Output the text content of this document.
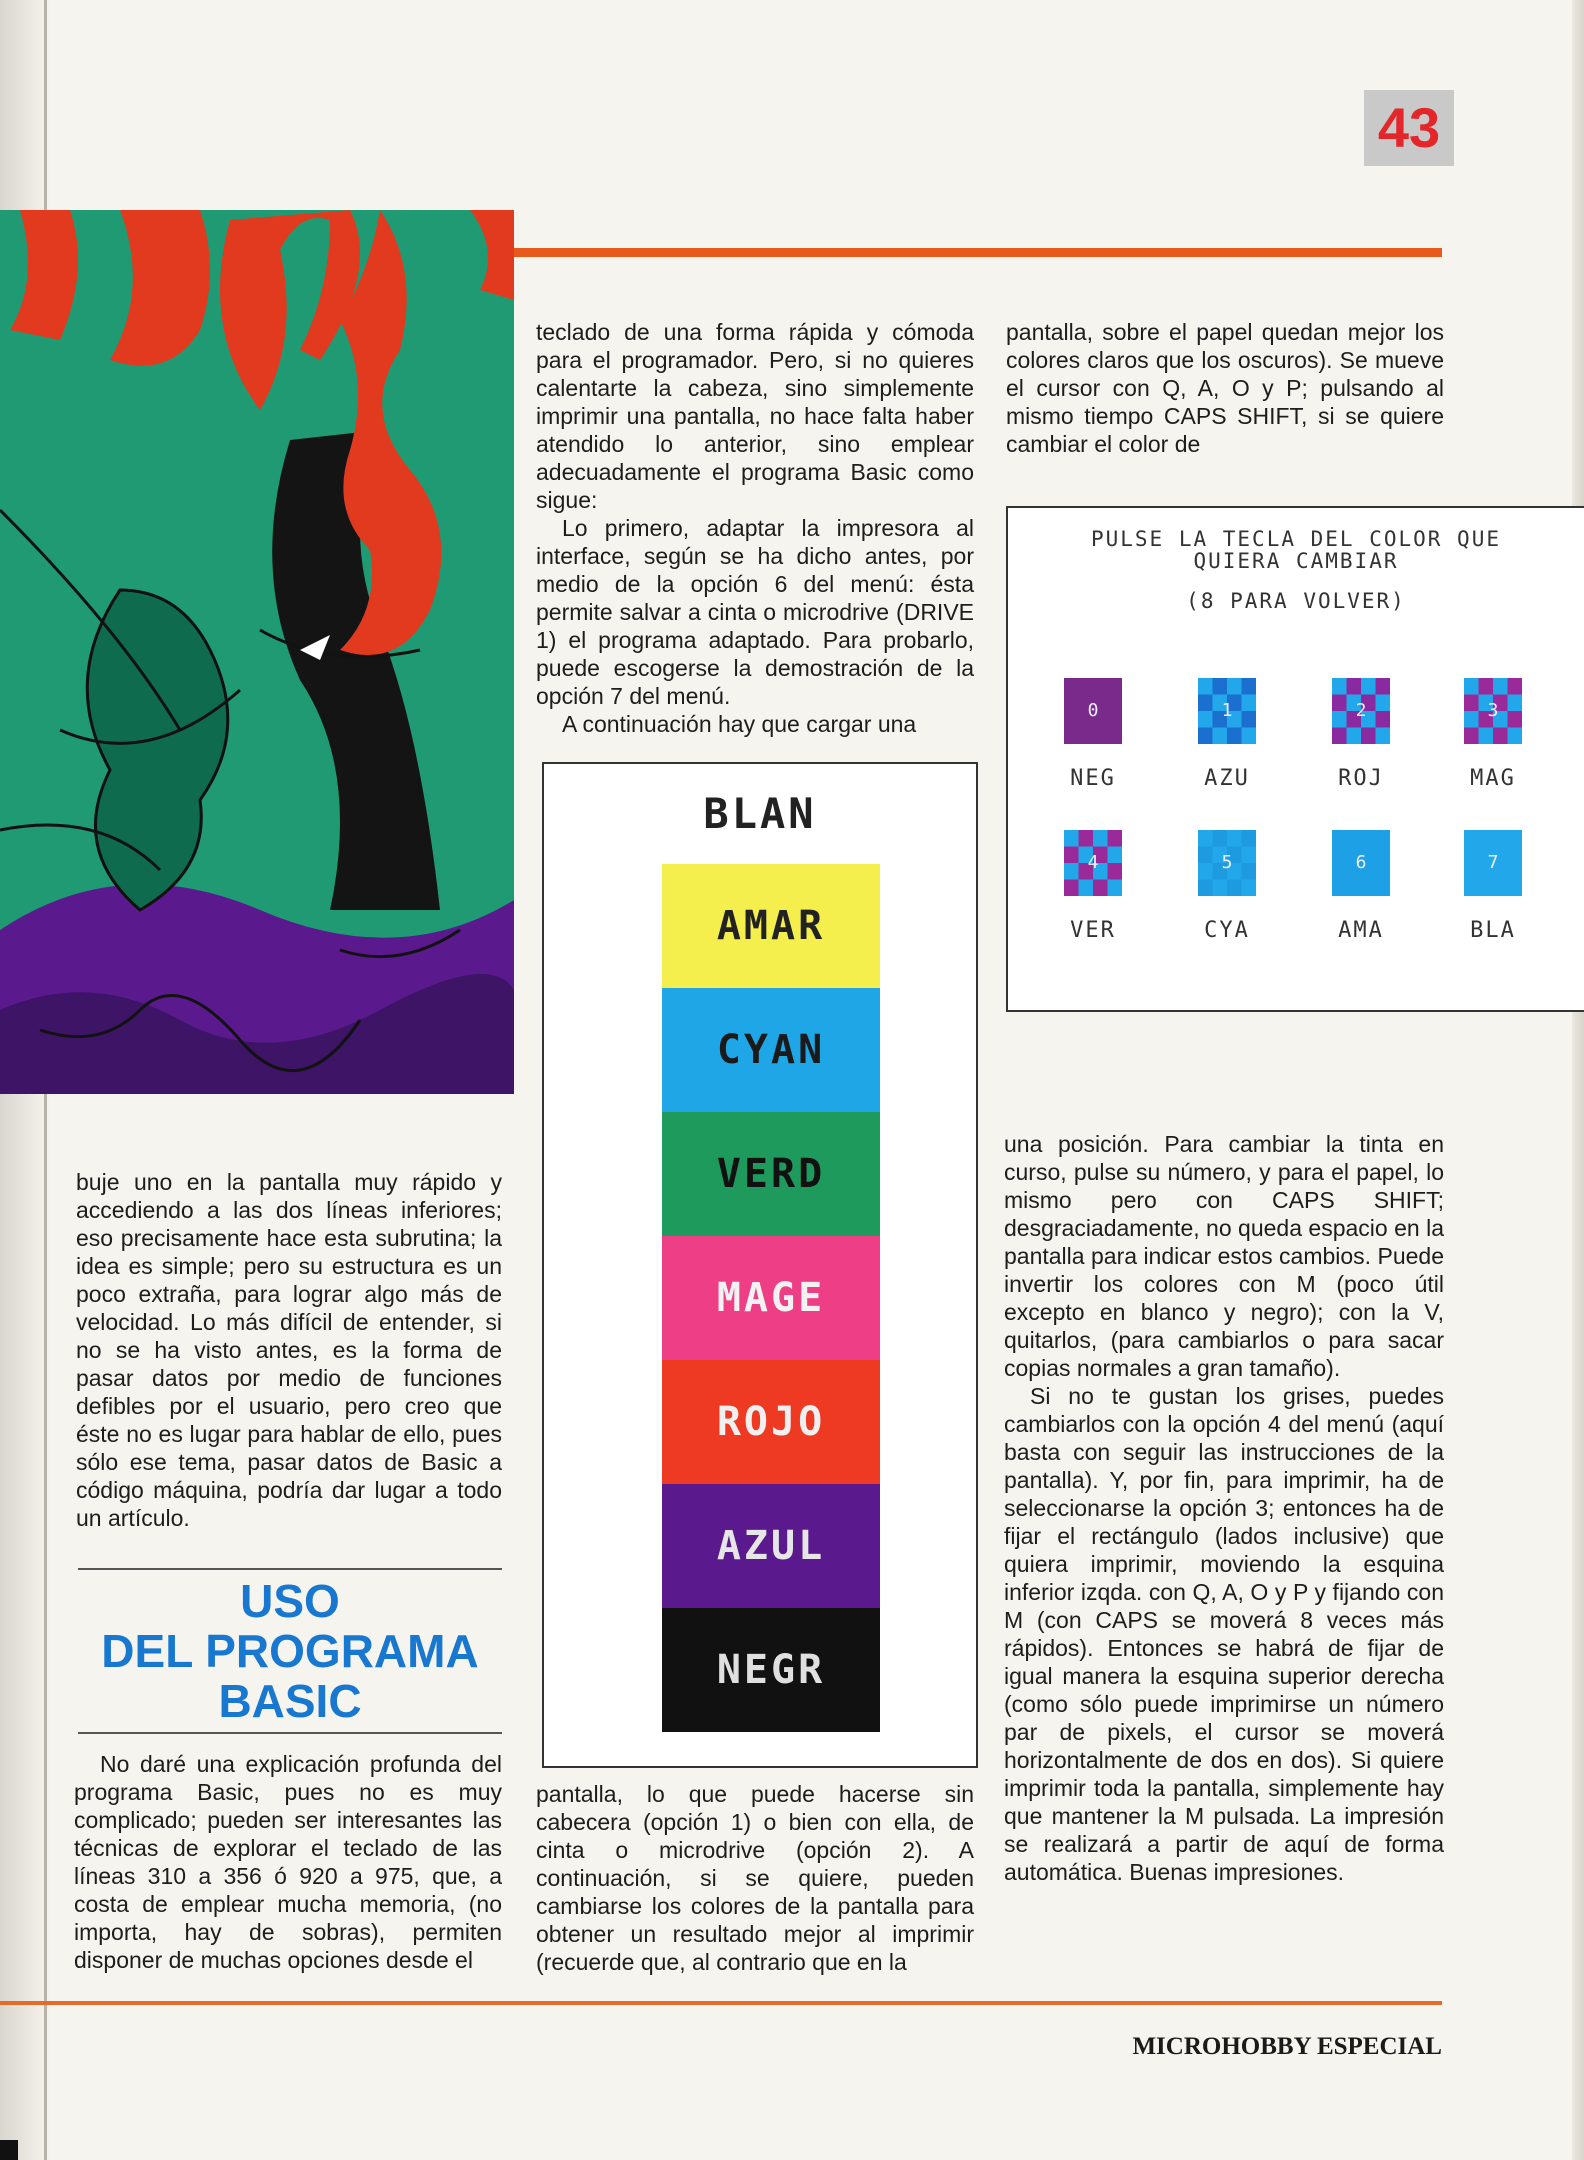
43

teclado de una forma rápida y cómoda para el programador. Pero, si no quieres calentarte la cabeza, sino simplemente imprimir una pantalla, no hace falta haber atendido lo anterior, sino emplear adecuadamente el programa Basic como sigue:

Lo primero, adaptar la impresora al interface, según se ha dicho antes, por medio de la opción 6 del menú: ésta permite salvar a cinta o microdrive (DRIVE 1) el programa adaptado. Para probarlo, puede escogerse la demostración de la opción 7 del menú.

A continuación hay que cargar una

pantalla, sobre el papel quedan mejor los colores claros que los oscuros). Se mueve el cursor con Q, A, O y P; pulsando al mismo tiempo CAPS SHIFT, si se quiere cambiar el color de

PULSE LA TECLA DEL COLOR QUE
QUIERA CAMBIAR
(8 PARA VOLVER)
0
NEG
1
AZU
2
ROJ
3
MAG
4
VER
5
CYA
6
AMA
7
BLA
BLAN
AMAR
CYAN
VERD
MAGE
ROJO
AZUL
NEGR

buje uno en la pantalla muy rápido y accediendo a las dos líneas inferiores; eso precisamente hace esta subrutina; la idea es simple; pero su estructura es un poco extraña, para lograr algo más de velocidad. Lo más difícil de entender, si no se ha visto antes, es la forma de pasar datos por medio de funciones defibles por el usuario, pero creo que éste no es lugar para hablar de ello, pues sólo ese tema, pasar datos de Basic a código máquina, podría dar lugar a todo un artículo.

USO
DEL PROGRAMA
BASIC

No daré una explicación profunda del programa Basic, pues no es muy complicado; pueden ser interesantes las técnicas de explorar el teclado de las líneas 310 a 356 ó 920 a 975, que, a costa de emplear mucha memoria, (no importa, hay de sobras), permiten disponer de muchas opciones desde el

pantalla, lo que puede hacerse sin cabecera (opción 1) o bien con ella, de cinta o microdrive (opción 2). A continuación, si se quiere, pueden cambiarse los colores de la pantalla para obtener un resultado mejor al imprimir (recuerde que, al contrario que en la

una posición. Para cambiar la tinta en curso, pulse su número, y para el papel, lo mismo pero con CAPS SHIFT; desgraciadamente, no queda espacio en la pantalla para indicar estos cambios. Puede invertir los colores con M (poco útil excepto en blanco y negro); con la V, quitarlos, (para cambiarlos o para sacar copias normales a gran tamaño).

Si no te gustan los grises, puedes cambiarlos con la opción 4 del menú (aquí basta con seguir las instrucciones de la pantalla). Y, por fin, para imprimir, ha de seleccionarse la opción 3; entonces ha de fijar el rectángulo (lados inclusive) que quiera imprimir, moviendo la esquina inferior izqda. con Q, A, O y P y fijando con M (con CAPS se moverá 8 veces más rápidos). Entonces se habrá de fijar de igual manera la esquina superior derecha (como sólo puede imprimirse un número par de pixels, el cursor se moverá horizontalmente de dos en dos). Si quiere imprimir toda la pantalla, simplemente hay que mantener la M pulsada. La impresión se realizará a partir de aquí de forma automática. Buenas impresiones.

MICROHOBBY ESPECIAL
